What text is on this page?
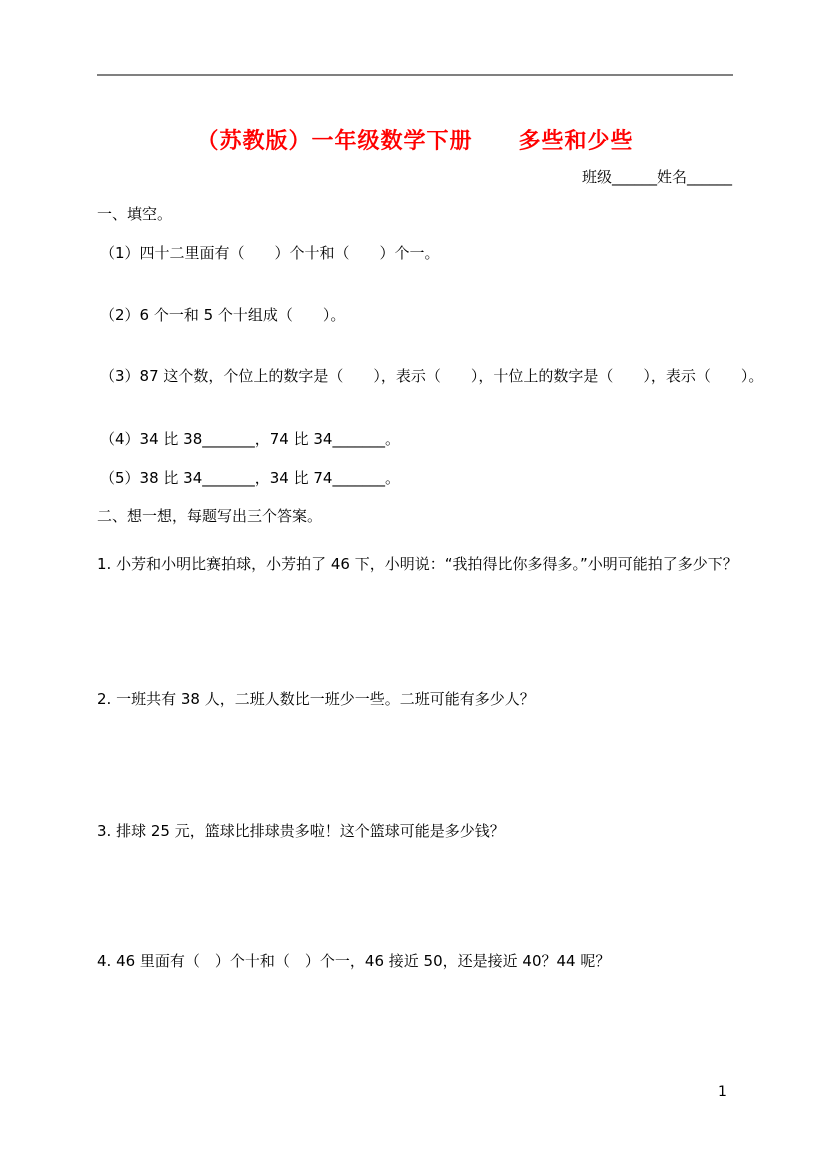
（苏教版）一年级数学下册　　多些和少些
班级______姓名______
一、填空。
（1）四十二里面有（　　）个十和（　　）个一。
（2）6 个一和 5 个十组成（　　）。
（3）87 这个数，个位上的数字是（　　），表示（　　），十位上的数字是（　　），表示（　　）。
（4）34 比 38_______，74 比 34_______。
（5）38 比 34_______，34 比 74_______。
二、想一想，每题写出三个答案。
1. 小芳和小明比赛拍球，小芳拍了 46 下，小明说：“我拍得比你多得多。”小明可能拍了多少下？
2. 一班共有 38 人，二班人数比一班少一些。二班可能有多少人？
3. 排球 25 元，篮球比排球贵多啦！这个篮球可能是多少钱？
4. 46 里面有（　）个十和（　）个一，46 接近 50，还是接近 40？44 呢？
1
